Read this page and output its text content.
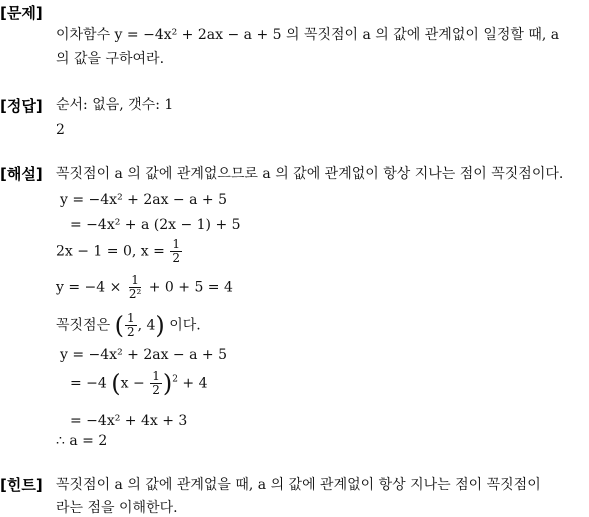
[문제]
이차함수 y = −4x² + 2ax − a + 5 의 꼭짓점이 a 의 값에 관계없이 일정할 때, a
의 값을 구하여라.
[정답] 순서: 없음, 갯수: 1
2
[해설] 꼭짓점이 a 의 값에 관계없으므로 a 의 값에 관계없이 항상 지나는 점이 꼭짓점이다.
y = −4x² + 2ax − a + 5
= −4x² + a (2x − 1) + 5
2x − 1 = 0, $x = \frac{1}{2}$
$y = -4 \times \frac{1}{\text{2²}} + 0 + 5 = 4$
꼭짓점은 ( $\frac{1}{2}$ , 4) 이다.
y = −4x² + 2ax − a + 5
= −4 $(x - \frac{1}{2} )^2 + 4$
= −4x² + 4x + 3
∴ a = 2
[힌트] 꼭짓점이 a 의 값에 관계없을 때, a 의 값에 관계없이 항상 지나는 점이 꼭짓점이
라는 점을 이해한다.
